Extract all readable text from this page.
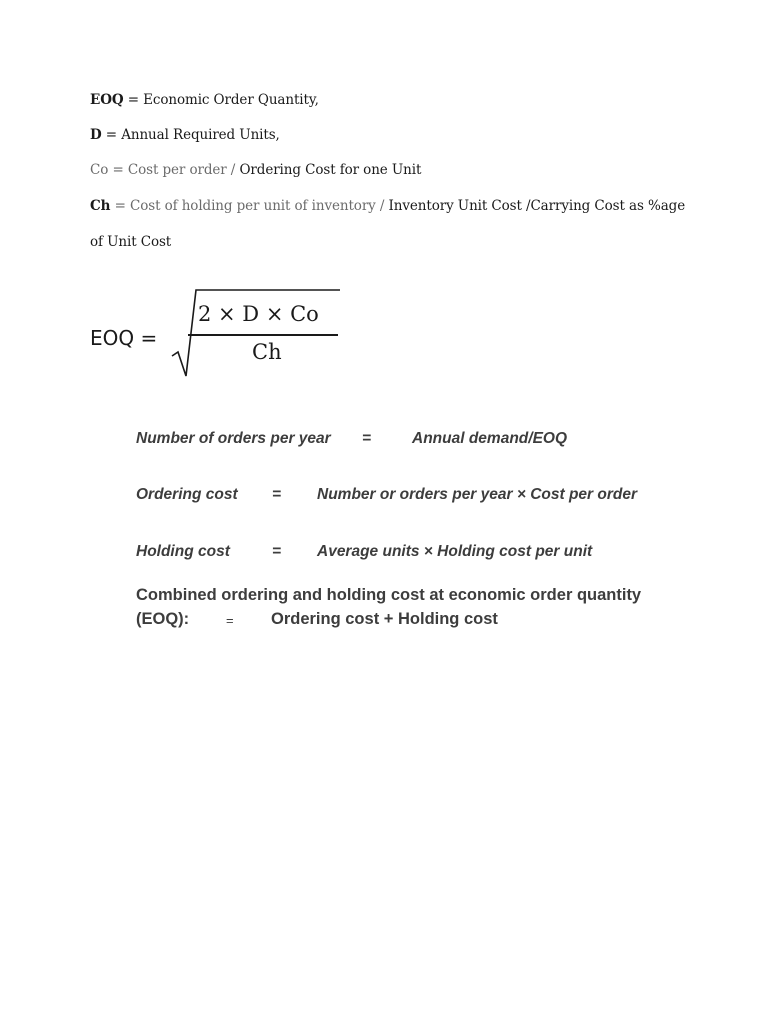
EOQ = Economic Order Quantity,
D = Annual Required Units,
Co = Cost per order / Ordering Cost for one Unit
Ch = Cost of holding per unit of inventory / Inventory Unit Cost /Carrying Cost as %age
of Unit Cost
EOQ =
2 × D × Co
Ch
Number of orders per year =	Annual demand/EOQ
Ordering cost = Number or orders per year × Cost per order
Holding cost	= Average units × Holding cost per unit
Combined ordering and holding cost at economic order quantity
(EOQ):	= Ordering cost + Holding cost
